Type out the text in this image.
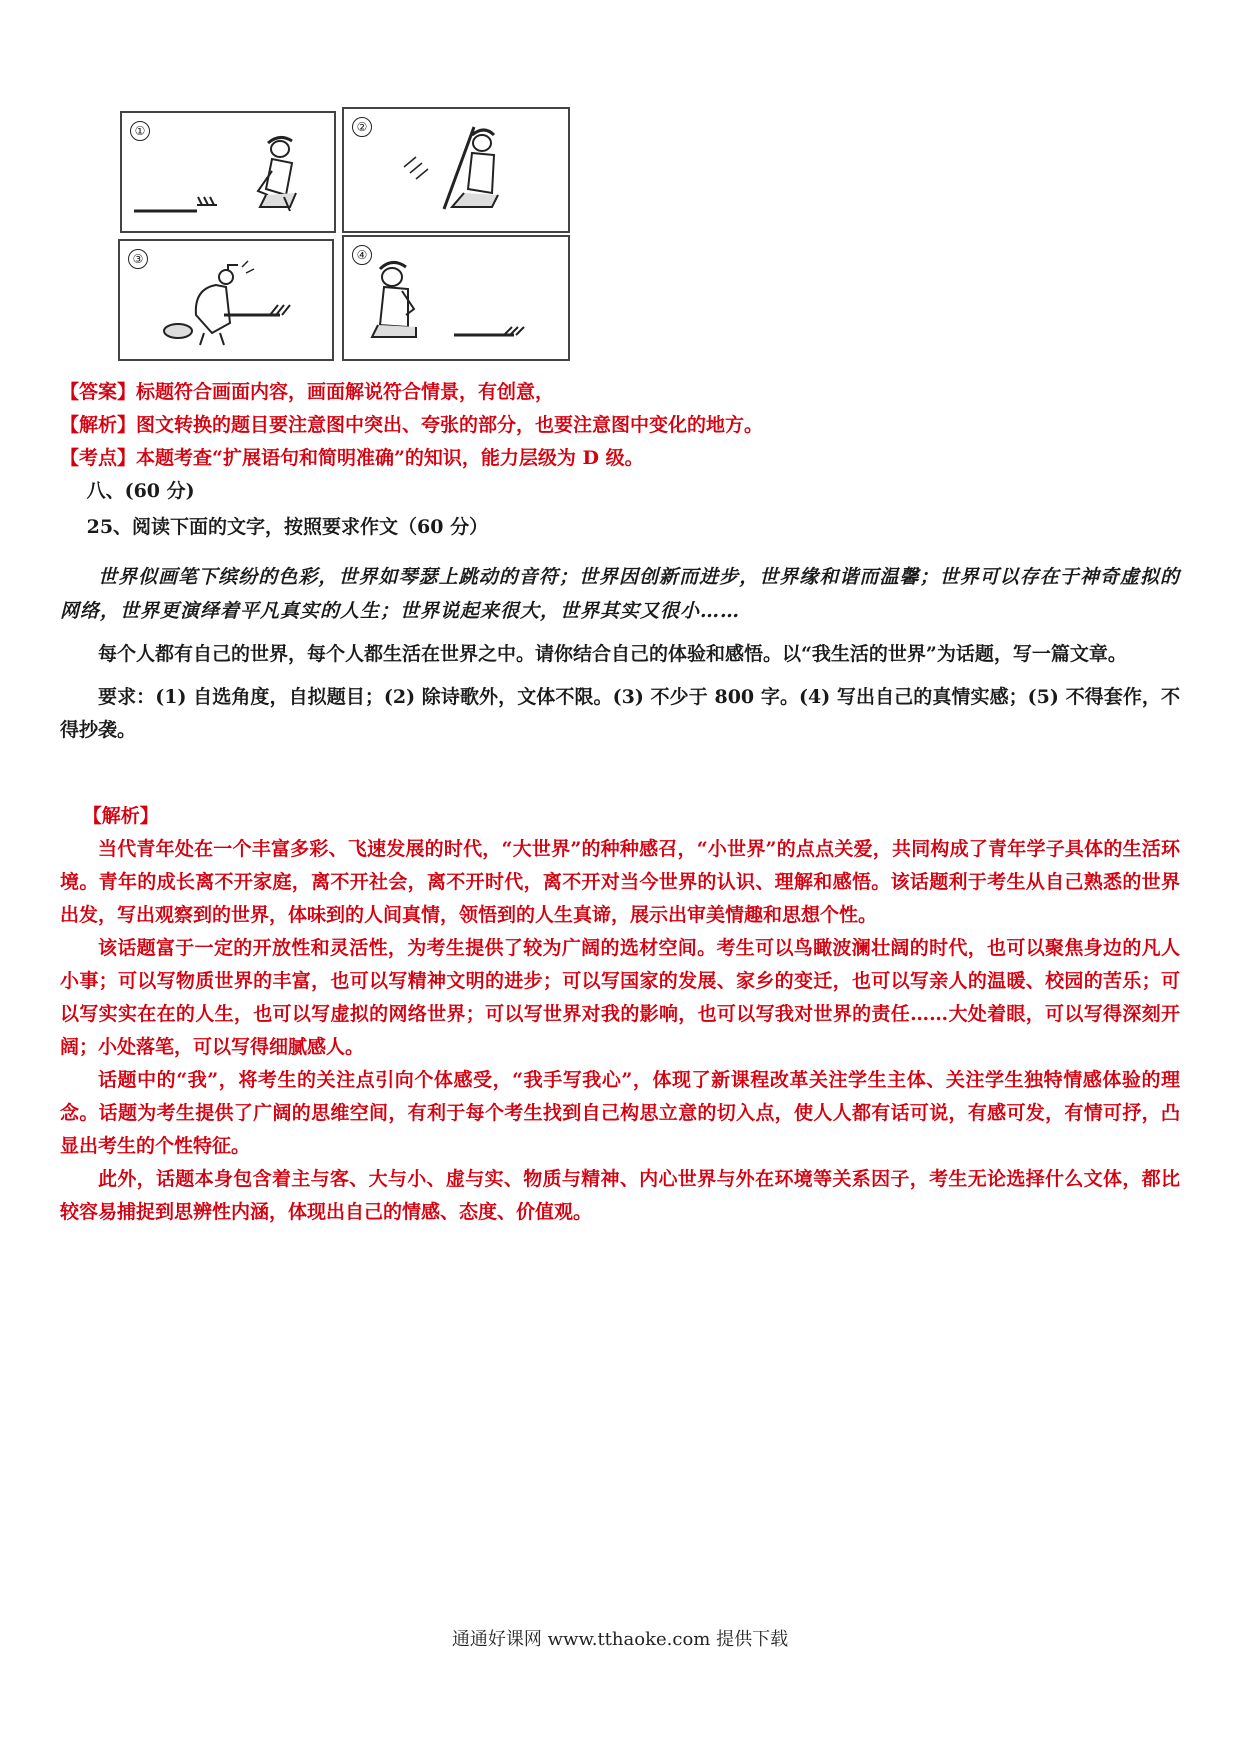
①	②
③	④
【答案】标题符合画面内容，画面解说符合情景，有创意，
【解析】图文转换的题目要注意图中突出、夸张的部分，也要注意图中变化的地方。
【考点】本题考查“扩展语句和简明准确”的知识，能力层级为 D 级。
八、(60 分)
25、阅读下面的文字，按照要求作文（60 分）

世界似画笔下缤纷的色彩，世界如琴瑟上跳动的音符；世界因创新而进步，世界缘和谐而温馨；世界可以存在于神奇虚拟的网络，世界更演绎着平凡真实的人生；世界说起来很大，世界其实又很小……

每个人都有自己的世界，每个人都生活在世界之中。请你结合自己的体验和感悟。以“我生活的世界”为话题，写一篇文章。

要求：(1) 自选角度，自拟题目；(2) 除诗歌外，文体不限。(3) 不少于 800 字。(4) 写出自己的真情实感；(5) 不得套作，不得抄袭。

【解析】

当代青年处在一个丰富多彩、飞速发展的时代，“大世界”的种种感召，“小世界”的点点关爱，共同构成了青年学子具体的生活环境。青年的成长离不开家庭，离不开社会，离不开时代，离不开对当今世界的认识、理解和感悟。该话题利于考生从自己熟悉的世界出发，写出观察到的世界，体味到的人间真情，领悟到的人生真谛，展示出审美情趣和思想个性。

该话题富于一定的开放性和灵活性，为考生提供了较为广阔的选材空间。考生可以鸟瞰波澜壮阔的时代，也可以聚焦身边的凡人小事；可以写物质世界的丰富，也可以写精神文明的进步；可以写国家的发展、家乡的变迁，也可以写亲人的温暖、校园的苦乐；可以写实实在在的人生，也可以写虚拟的网络世界；可以写世界对我的影响，也可以写我对世界的责任……大处着眼，可以写得深刻开阔；小处落笔，可以写得细腻感人。

话题中的“我”，将考生的关注点引向个体感受，“我手写我心”，体现了新课程改革关注学生主体、关注学生独特情感体验的理念。话题为考生提供了广阔的思维空间，有利于每个考生找到自己构思立意的切入点，使人人都有话可说，有感可发，有情可抒，凸显出考生的个性特征。

此外，话题本身包含着主与客、大与小、虚与实、物质与精神、内心世界与外在环境等关系因子，考生无论选择什么文体，都比较容易捕捉到思辨性内涵，体现出自己的情感、态度、价值观。

通通好课网 www.tthaoke.com 提供下载
